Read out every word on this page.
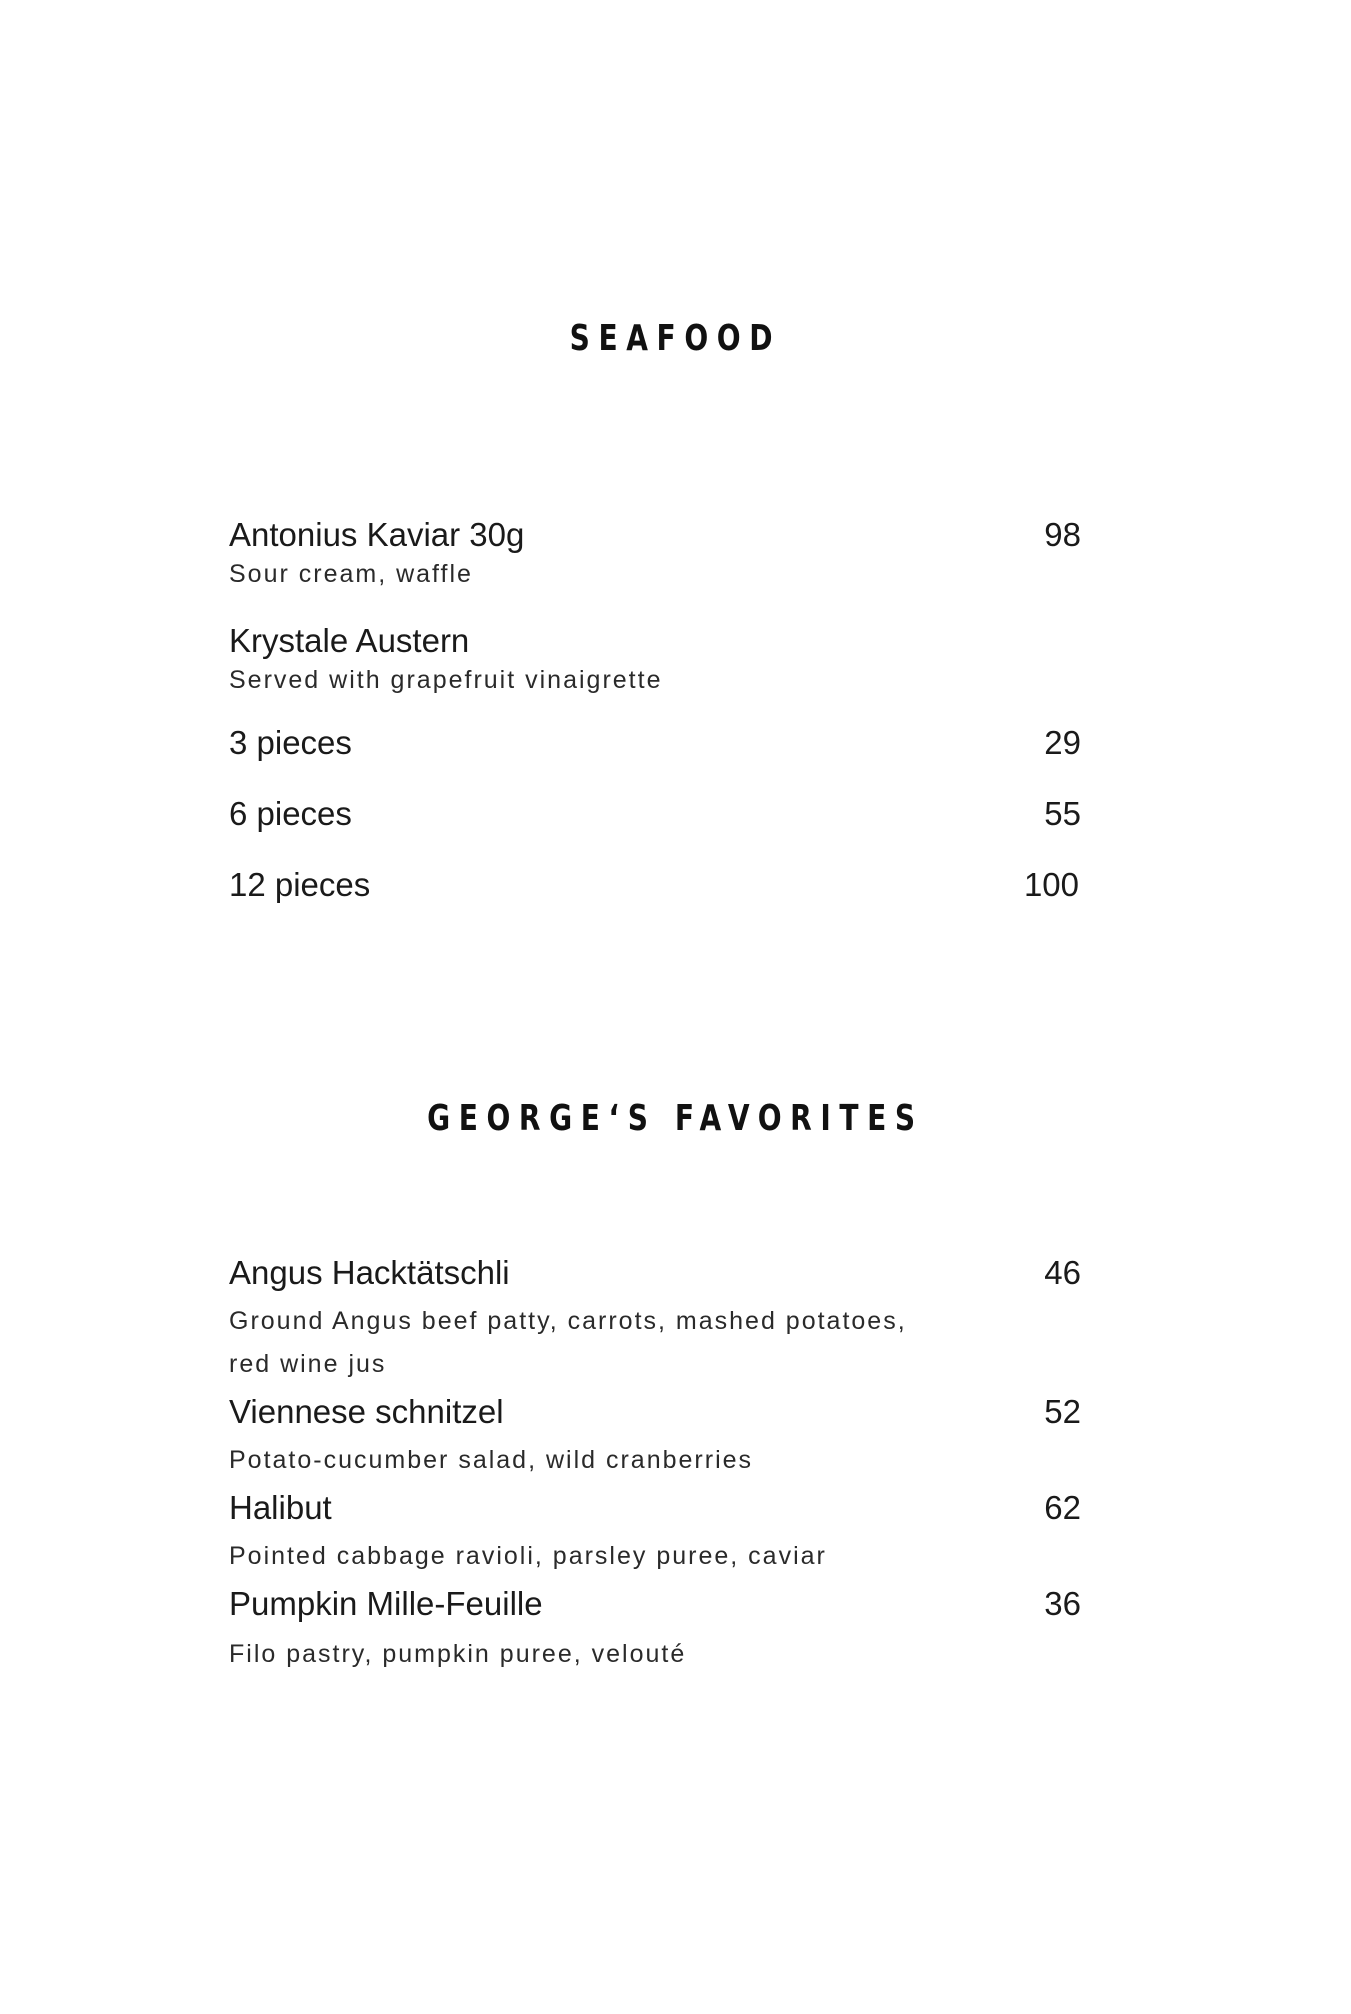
SEAFOOD
Antonius Kaviar 30g	98
Sour cream, waffle
Krystale Austern
Served with grapefruit vinaigrette
3 pieces	29
6 pieces	55
12 pieces	100
GEORGE‘S FAVORITES
Angus Hacktätschli	46
Ground Angus beef patty, carrots, mashed potatoes,
red wine jus
Viennese schnitzel	52
Potato-cucumber salad, wild cranberries
Halibut	62
Pointed cabbage ravioli, parsley puree, caviar
Pumpkin Mille-Feuille	36
Filo pastry, pumpkin puree, velouté
